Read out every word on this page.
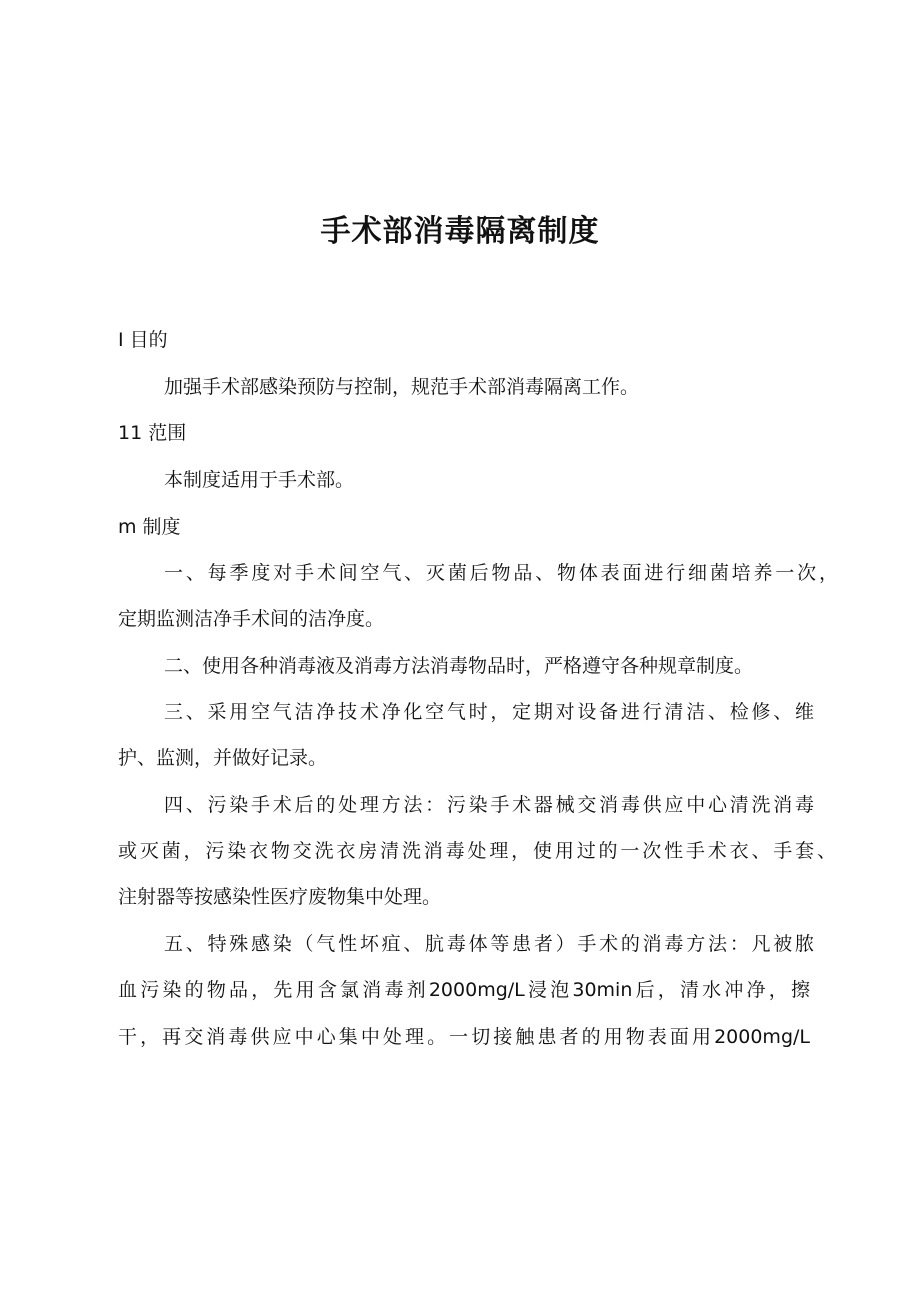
手术部消毒隔离制度
I 目的
加强手术部感染预防与控制，规范手术部消毒隔离工作。
11 范围
本制度适用于手术部。
m 制度
一、每季度对手术间空气、灭菌后物品、物体表面进行细菌培养一次，
定期监测洁净手术间的洁净度。
二、使用各种消毒液及消毒方法消毒物品时，严格遵守各种规章制度。
三、采用空气洁净技术净化空气时，定期对设备进行清洁、检修、维
护、监测，并做好记录。
四、污染手术后的处理方法：污染手术器械交消毒供应中心清洗消毒
或灭菌，污染衣物交洗衣房清洗消毒处理，使用过的一次性手术衣、手套、
注射器等按感染性医疗废物集中处理。
五、特殊感染（气性坏疽、肮毒体等患者）手术的消毒方法：凡被脓
血污染的物品，先用含氯消毒剂2000mg/L浸泡30min后，清水冲净，擦
干，再交消毒供应中心集中处理。一切接触患者的用物表面用2000mg/L
